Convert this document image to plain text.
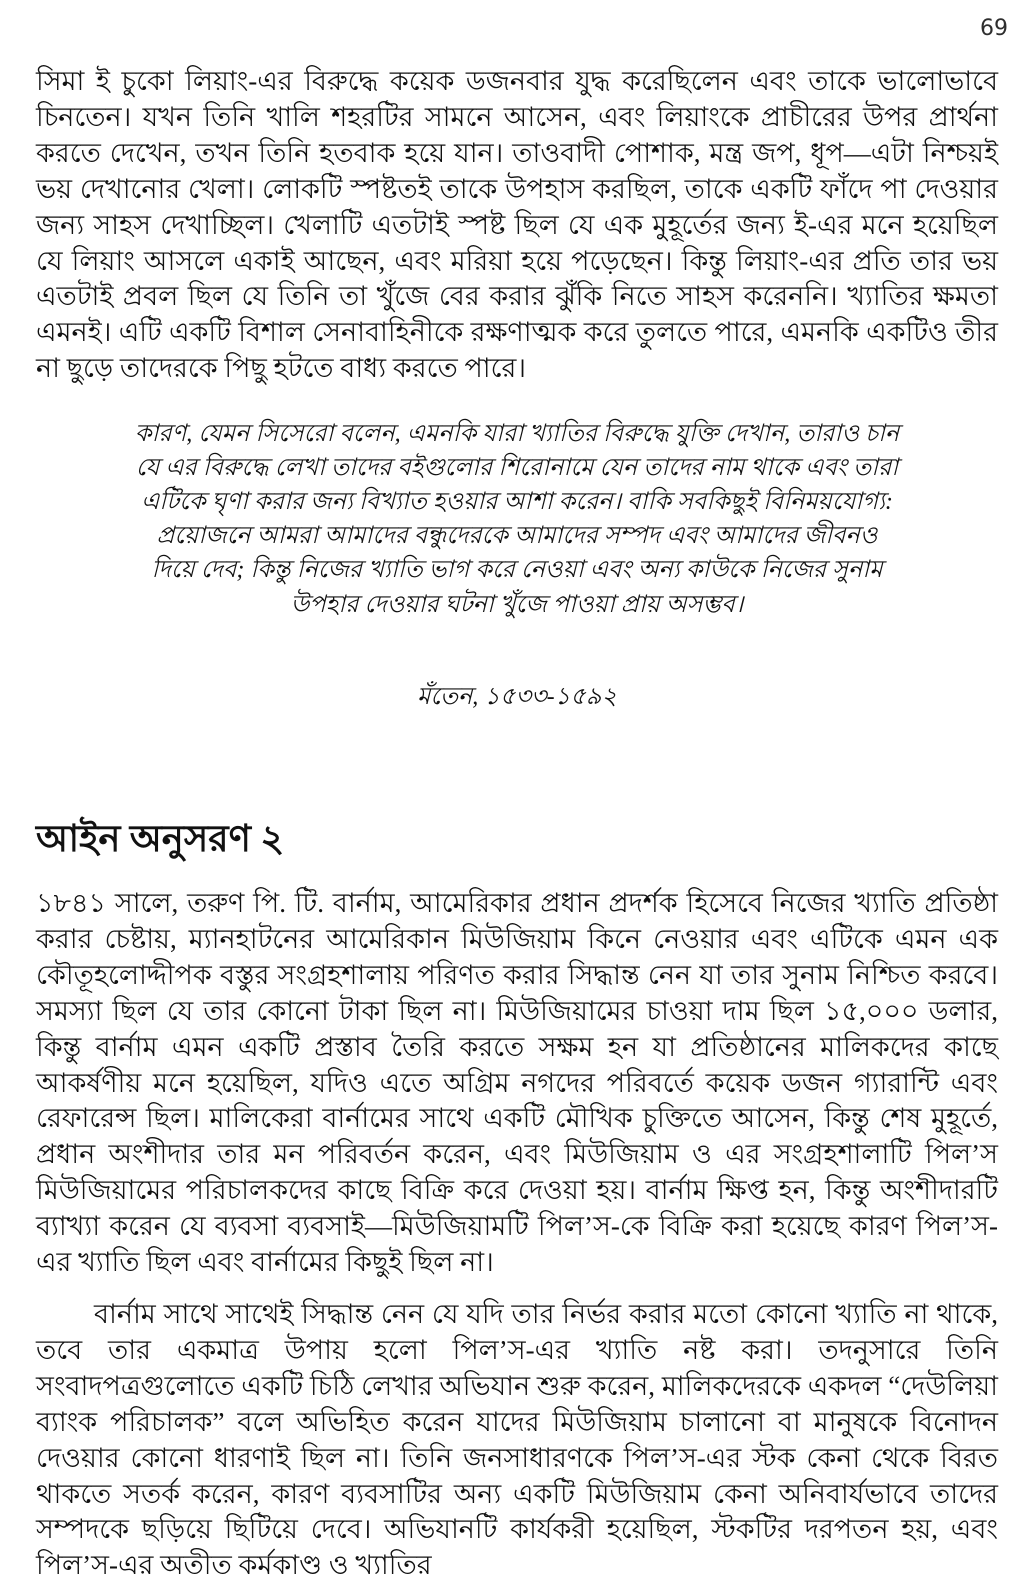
69

সিমা ই চুকো লিয়াং-এর বিরুদ্ধে কয়েক ডজনবার যুদ্ধ করেছিলেন এবং তাকে ভালোভাবে চিনতেন। যখন তিনি খালি শহরটির সামনে আসেন, এবং লিয়াংকে প্রাচীরের উপর প্রার্থনা করতে দেখেন, তখন তিনি হতবাক হয়ে যান। তাওবাদী পোশাক, মন্ত্র জপ, ধূপ—এটা নিশ্চয়ই ভয় দেখানোর খেলা। লোকটি স্পষ্টতই তাকে উপহাস করছিল, তাকে একটি ফাঁদে পা দেওয়ার জন্য সাহস দেখাচ্ছিল। খেলাটি এতটাই স্পষ্ট ছিল যে এক মুহূর্তের জন্য ই-এর মনে হয়েছিল যে লিয়াং আসলে একাই আছেন, এবং মরিয়া হয়ে পড়েছেন। কিন্তু লিয়াং-এর প্রতি তার ভয় এতটাই প্রবল ছিল যে তিনি তা খুঁজে বের করার ঝুঁকি নিতে সাহস করেননি। খ্যাতির ক্ষমতা এমনই। এটি একটি বিশাল সেনাবাহিনীকে রক্ষণাত্মক করে তুলতে পারে, এমনকি একটিও তীর না ছুড়ে তাদেরকে পিছু হটতে বাধ্য করতে পারে।

কারণ, যেমন সিসেরো বলেন, এমনকি যারা খ্যাতির বিরুদ্ধে যুক্তি দেখান, তারাও চান যে এর বিরুদ্ধে লেখা তাদের বইগুলোর শিরোনামে যেন তাদের নাম থাকে এবং তারা এটিকে ঘৃণা করার জন্য বিখ্যাত হওয়ার আশা করেন। বাকি সবকিছুই বিনিময়যোগ্য: প্রয়োজনে আমরা আমাদের বন্ধুদেরকে আমাদের সম্পদ এবং আমাদের জীবনও দিয়ে দেব; কিন্তু নিজের খ্যাতি ভাগ করে নেওয়া এবং অন্য কাউকে নিজের সুনাম উপহার দেওয়ার ঘটনা খুঁজে পাওয়া প্রায় অসম্ভব।
মঁতেন, ১৫৩৩-১৫৯২
আইন অনুসরণ ২

১৮৪১ সালে, তরুণ পি. টি. বার্নাম, আমেরিকার প্রধান প্রদর্শক হিসেবে নিজের খ্যাতি প্রতিষ্ঠা করার চেষ্টায়, ম্যানহাটনের আমেরিকান মিউজিয়াম কিনে নেওয়ার এবং এটিকে এমন এক কৌতূহলোদ্দীপক বস্তুর সংগ্রহশালায় পরিণত করার সিদ্ধান্ত নেন যা তার সুনাম নিশ্চিত করবে। সমস্যা ছিল যে তার কোনো টাকা ছিল না। মিউজিয়ামের চাওয়া দাম ছিল ১৫,০০০ ডলার, কিন্তু বার্নাম এমন একটি প্রস্তাব তৈরি করতে সক্ষম হন যা প্রতিষ্ঠানের মালিকদের কাছে আকর্ষণীয় মনে হয়েছিল, যদিও এতে অগ্রিম নগদের পরিবর্তে কয়েক ডজন গ্যারান্টি এবং রেফারেন্স ছিল। মালিকেরা বার্নামের সাথে একটি মৌখিক চুক্তিতে আসেন, কিন্তু শেষ মুহূর্তে, প্রধান অংশীদার তার মন পরিবর্তন করেন, এবং মিউজিয়াম ও এর সংগ্রহশালাটি পিল’স মিউজিয়ামের পরিচালকদের কাছে বিক্রি করে দেওয়া হয়। বার্নাম ক্ষিপ্ত হন, কিন্তু অংশীদারটি ব্যাখ্যা করেন যে ব্যবসা ব্যবসাই—মিউজিয়ামটি পিল’স-কে বিক্রি করা হয়েছে কারণ পিল’স-এর খ্যাতি ছিল এবং বার্নামের কিছুই ছিল না।

বার্নাম সাথে সাথেই সিদ্ধান্ত নেন যে যদি তার নির্ভর করার মতো কোনো খ্যাতি না থাকে, তবে তার একমাত্র উপায় হলো পিল’স-এর খ্যাতি নষ্ট করা। তদনুসারে তিনি সংবাদপত্রগুলোতে একটি চিঠি লেখার অভিযান শুরু করেন, মালিকদেরকে একদল “দেউলিয়া ব্যাংক পরিচালক” বলে অভিহিত করেন যাদের মিউজিয়াম চালানো বা মানুষকে বিনোদন দেওয়ার কোনো ধারণাই ছিল না। তিনি জনসাধারণকে পিল’স-এর স্টক কেনা থেকে বিরত থাকতে সতর্ক করেন, কারণ ব্যবসাটির অন্য একটি মিউজিয়াম কেনা অনিবার্যভাবে তাদের সম্পদকে ছড়িয়ে ছিটিয়ে দেবে। অভিযানটি কার্যকরী হয়েছিল, স্টকটির দরপতন হয়, এবং পিল’স-এর অতীত কর্মকাণ্ড ও খ্যাতির
